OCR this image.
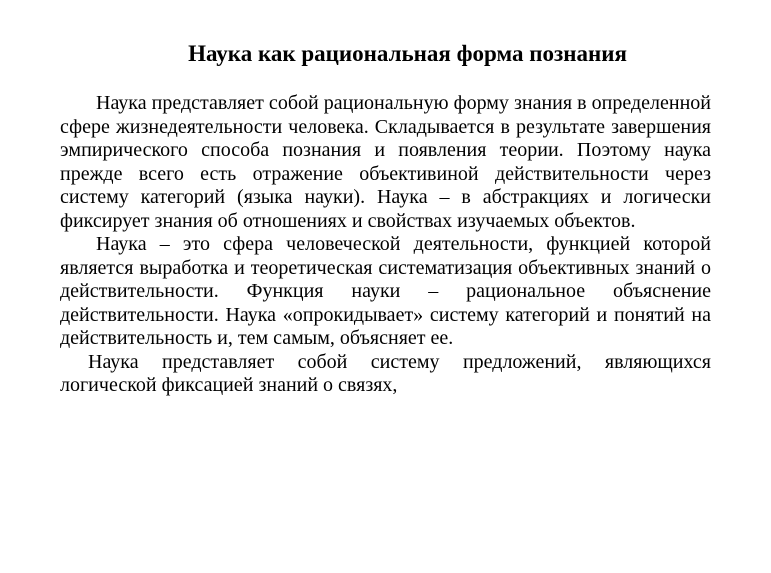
Наука как рациональная форма познания

Наука представляет собой рациональную форму знания в определенной сфере жизнедеятельности человека. Складывается в результате завершения эмпирического способа познания и появления теории. Поэтому наука прежде всего есть отражение объективиной действительности через систему категорий (языка науки). Наука – в абстракциях и логически фиксирует знания об отношениях и свойствах изучаемых объектов.

Наука – это сфера человеческой деятельности, функцией которой является выработка и теоретическая систематизация объективных знаний о действительности. Функция науки – рациональное объяснение действительности. Наука «опрокидывает» систему категорий и понятий на действительность и, тем самым, объясняет ее.

Наука представляет собой систему предложений, являющихся логической фиксацией знаний о связях,
